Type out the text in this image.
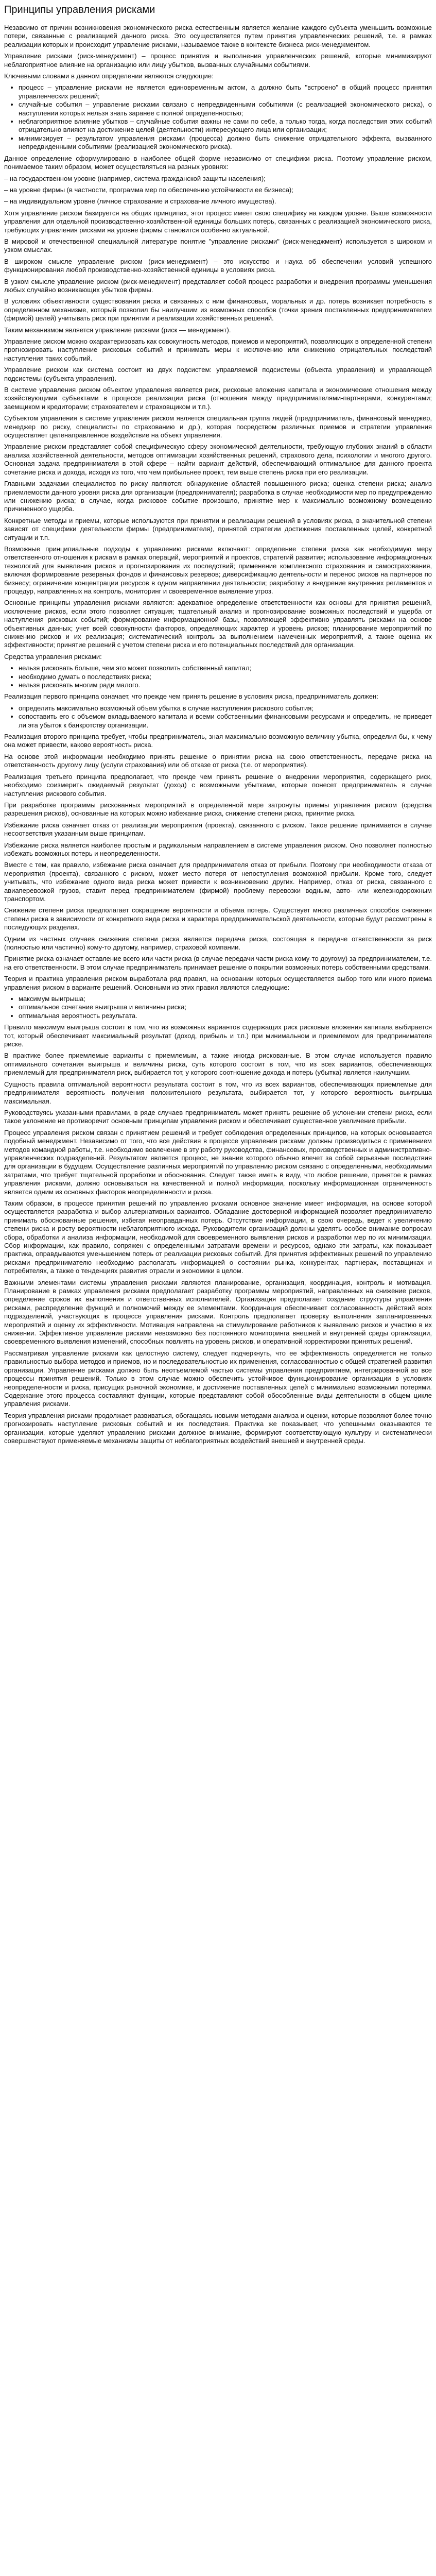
Принципы управления рисками

Незавсимо от причин возникновения экономического риска естественным является желание каждого субъекта уменьшить возможные потери, связанные с реализацией данного риска. Это осуществляется путем принятия управленческих решений, т.е. в рамках реализации которых и происходит управление рисками, называемое также в контексте бизнеса риск-менеджментом.

Управление рисками (риск-менеджмент) – процесс принятия и выполнения управленческих решений, которые минимизируют неблагоприятное влияние на организацию или лицу убытков, вызванных случайными событиями.

Ключевыми словами в данном определении являются следующие:

• процесс – управление рисками не является единовременным актом, а должно быть "встроено" в общий процесс принятия управленческих решений;
• случайные события – управление рисками связано с непредвиденными событиями (с реализацией экономического риска), о наступлении которых нельзя знать заранее с полной определенностью;
• неблагоприятное влияние убытков – случайные события важны не сами по себе, а только тогда, когда последствия этих событий отрицательно влияют на достижение целей (деятельности) интересующего лица или организации;
• минимизирует – результатом управления рисками (процесса) должно быть снижение отрицательного эффекта, вызванного непредвиденными событиями (реализацией экономического риска).

Данное определение сформулировано в наиболее общей форме независимо от специфики риска. Поэтому управление риском, понимаемое таким образом, может осуществляться на разных уровнях:

– на государственном уровне (например, система гражданской защиты населения);

– на уровне фирмы (в частности, программа мер по обеспечению устойчивости ее бизнеса);

– на индивидуальном уровне (личное страхование и страхование личного имущества).

Хотя управление риском базируется на общих принципах, этот процесс имеет свою специфику на каждом уровне. Выше возможности управления для отдельной производственно-хозяйственной единицы больших потерь, связанных с реализацией экономического риска, требующих управления рисками на уровне фирмы становится особенно актуальной.

В мировой и отечественной специальной литературе понятие "управление рисками" (риск-менеджмент) используется в широком и узком смыслах.

В широком смысле управление риском (риск-менеджмент) – это искусство и наука об обеспечении условий успешного функционирования любой производственно-хозяйственной единицы в условиях риска.

В узком смысле управление риском (риск-менеджмент) представляет собой процесс разработки и внедрения программы уменьшения любых случайно возникающих убытков фирмы.

В условиях объективности существования риска и связанных с ним финансовых, моральных и др. потерь возникает потребность в определенном механизме, который позволил бы наилучшим из возможных способов (точки зрения поставленных предпринимателем (фирмой) целей) учитывать риск при принятии и реализации хозяйственных решений.

Таким механизмом является управление рисками (риск — менеджмент).

Управление риском можно охарактеризовать как совокупность методов, приемов и мероприятий, позволяющих в определенной степени прогнозировать наступление рисковых событий и принимать меры к исключению или снижению отрицательных последствий наступления таких событий.

Управление риском как система состоит из двух подсистем: управляемой подсистемы (объекта управления) и управляющей подсистемы (субъекта управления).

В системе управления риском объектом управления является риск, рисковые вложения капитала и экономические отношения между хозяйствующими субъектами в процессе реализации риска (отношения между предпринимателями-партнерами, конкурентами; заемщиком и кредиторами; страхователем и страховщиком и т.п.).

Субъектом управления в системе управления риском является специальная группа людей (предприниматель, финансовый менеджер, менеджер по риску, специалисты по страхованию и др.), которая посредством различных приемов и стратегии управления осуществляет целенаправленное воздействие на объект управления.

Управление риском представляет собой специфическую сферу экономической деятельности, требующую глубоких знаний в области анализа хозяйственной деятельности, методов оптимизации хозяйственных решений, страхового дела, психологии и многого другого. Основная задача предпринимателя в этой сфере – найти вариант действий, обеспечивающий оптимальное для данного проекта сочетание риска и дохода, исходя из того, что чем прибыльнее проект, тем выше степень риска при его реализации.

Главными задачами специалистов по риску являются: обнаружение областей повышенного риска; оценка степени риска; анализ приемлемости данного уровня риска для организации (предпринимателя); разработка в случае необходимости мер по предупреждению или снижению риска; в случае, когда рисковое событие произошло, принятие мер к максимально возможному возмещению причиненного ущерба.

Конкретные методы и приемы, которые используются при принятии и реализации решений в условиях риска, в значительной степени зависят от специфики деятельности фирмы (предпринимателя), принятой стратегии достижения поставленных целей, конкретной ситуации и т.п.

Возможные принципиальные подходы к управлению рисками включают: определение степени риска как необходимую меру ответственного отношения к рискам в рамках операций, мероприятий и проектов, стратегий развития; использование информационных технологий для выявления рисков и прогнозирования их последствий; применение комплексного страхования и самострахования, включая формирование резервных фондов и финансовых резервов; диверсификацию деятельности и перенос рисков на партнеров по бизнесу; ограничение концентрации ресурсов в одном направлении деятельности; разработку и внедрение внутренних регламентов и процедур, направленных на контроль, мониторинг и своевременное выявление угроз.

Основные принципы управления рисками являются: адекватное определение ответственности как основы для принятия решений, исключение рисков, если этого позволяет ситуация; тщательный анализ и прогнозирование возможных последствий и ущерба от наступления рисковых событий; формирование информационной базы, позволяющей эффективно управлять рисками на основе объективных данных; учет всей совокупности факторов, определяющих характер и уровень рисков; планирование мероприятий по снижению рисков и их реализация; систематический контроль за выполнением намеченных мероприятий, а также оценка их эффективности; принятие решений с учетом степени риска и его потенциальных последствий для организации.

Средства управления рисками:

• нельзя рисковать больше, чем это может позволить собственный капитал;
• необходимо думать о последствиях риска;
• нельзя рисковать многим ради малого.

Реализация первого принципа означает, что прежде чем принять решение в условиях риска, предприниматель должен:

• определить максимально возможный объем убытка в случае наступления рискового события;
• сопоставить его с объемом вкладываемого капитала и всеми собственными финансовыми ресурсами и определить, не приведет ли эта убыток к банкротству организации.

Реализация второго принципа требует, чтобы предприниматель, зная максимально возможную величину убытка, определил бы, к чему она может привести, каково вероятность риска.

На основе этой информации необходимо принять решение о принятии риска на свою ответственность, передаче риска на ответственность другому лицу (услуги страхования) или об отказе от риска (т.е. от мероприятия).

Реализация третьего принципа предполагает, что прежде чем принять решение о внедрении мероприятия, содержащего риск, необходимо соизмерить ожидаемый результат (доход) с возможными убытками, которые понесет предприниматель в случае наступления рискового события.

При разработке программы рискованных мероприятий в определенной мере затронуты приемы управления риском (средства разрешения рисков), основанные на которых можно избежание риска, снижение степени риска, принятие риска.

Избежание риска означает отказ от реализации мероприятия (проекта), связанного с риском. Такое решение принимается в случае несоответствия указанным выше принципам.

Избежание риска является наиболее простым и радикальным направлением в системе управления риском. Оно позволяет полностью избежать возможных потерь и неопределенности.

Вместе с тем, как правило, избежание риска означает для предпринимателя отказ от прибыли. Поэтому при необходимости отказа от мероприятия (проекта), связанного с риском, может место потеря от непоступления возможной прибыли. Кроме того, следует учитывать, что избежание одного вида риска может привести к возникновению других. Например, отказ от риска, связанного с авиаперевозкой грузов, ставит перед предпринимателем (фирмой) проблему перевозки водным, авто- или железнодорожным транспортом.

Снижение степени риска предполагает сокращение вероятности и объема потерь. Существует много различных способов снижения степени риска в зависимости от конкретного вида риска и характера предпринимательской деятельности, которые будут рассмотрены в последующих разделах.

Одним из частных случаев снижения степени риска является передача риска, состоящая в передаче ответственности за риск (полностью или частично) кому-то другому, например, страховой компании.

Принятие риска означает оставление всего или части риска (в случае передачи части риска кому-то другому) за предпринимателем, т.е. на его ответственности. В этом случае предприниматель принимает решение о покрытии возможных потерь собственными средствами.

Теория и практика управления риском выработала ряд правил, на основании которых осуществляется выбор того или иного приема управления риском в варианте решений. Основными из этих правил являются следующие:

• максимум выигрыша;
• оптимальное сочетание выигрыша и величины риска;
• оптимальная вероятность результата.

Правило максимум выигрыша состоит в том, что из возможных вариантов содержащих риск рисковые вложения капитала выбирается тот, который обеспечивает максимальный результат (доход, прибыль и т.п.) при минимальном и приемлемом для предпринимателя риске.

В практике более приемлемые варианты с приемлемым, а также иногда рискованные. В этом случае используется правило оптимального сочетания выигрыша и величины риска, суть которого состоит в том, что из всех вариантов, обеспечивающих приемлемый для предпринимателя риск, выбирается тот, у которого соотношение дохода и потерь (убытка) является наилучшим.

Сущность правила оптимальной вероятности результата состоит в том, что из всех вариантов, обеспечивающих приемлемые для предпринимателя вероятность получения положительного результата, выбирается тот, у которого вероятность выигрыша максимальная.

Руководствуясь указанными правилами, в ряде случаев предприниматель может принять решение об уклонении степени риска, если такое уклонение не противоречит основным принципам управления риском и обеспечивает существенное увеличение прибыли.

Процесс управления риском связан с принятием решений и требует соблюдения определенных принципов, на которых основывается подобный менеджмент. Независимо от того, что все действия в процессе управления рисками должны производиться с применением методов командной работы, т.е. необходимо вовлечение в эту работу руководства, финансовых, производственных и административно-управленческих подразделений. Результатом является процесс, не знание которого обычно влечет за собой серьезные последствия для организации в будущем. Осуществление различных мероприятий по управлению риском связано с определенными, необходимыми затратами, что требует тщательной проработки и обоснования. Следует также иметь в виду, что любое решение, принятое в рамках управления рисками, должно основываться на качественной и полной информации, поскольку информационная ограниченность является одним из основных факторов неопределенности и риска.

Таким образом, в процессе принятия решений по управлению рисками основное значение имеет информация, на основе которой осуществляется разработка и выбор альтернативных вариантов. Обладание достоверной информацией позволяет предпринимателю принимать обоснованные решения, избегая неоправданных потерь. Отсутствие информации, в свою очередь, ведет к увеличению степени риска и росту вероятности неблагоприятного исхода. Руководители организаций должны уделять особое внимание вопросам сбора, обработки и анализа информации, необходимой для своевременного выявления рисков и разработки мер по их минимизации. Сбор информации, как правило, сопряжен с определенными затратами времени и ресурсов, однако эти затраты, как показывает практика, оправдываются уменьшением потерь от реализации рисковых событий. Для принятия эффективных решений по управлению рисками предпринимателю необходимо располагать информацией о состоянии рынка, конкурентах, партнерах, поставщиках и потребителях, а также о тенденциях развития отрасли и экономики в целом.

Важными элементами системы управления рисками являются планирование, организация, координация, контроль и мотивация. Планирование в рамках управления рисками предполагает разработку программы мероприятий, направленных на снижение рисков, определение сроков их выполнения и ответственных исполнителей. Организация предполагает создание структуры управления рисками, распределение функций и полномочий между ее элементами. Координация обеспечивает согласованность действий всех подразделений, участвующих в процессе управления рисками. Контроль предполагает проверку выполнения запланированных мероприятий и оценку их эффективности. Мотивация направлена на стимулирование работников к выявлению рисков и участию в их снижении. Эффективное управление рисками невозможно без постоянного мониторинга внешней и внутренней среды организации, своевременного выявления изменений, способных повлиять на уровень рисков, и оперативной корректировки принятых решений.

Рассматривая управление рисками как целостную систему, следует подчеркнуть, что ее эффективность определяется не только правильностью выбора методов и приемов, но и последовательностью их применения, согласованностью с общей стратегией развития организации. Управление рисками должно быть неотъемлемой частью системы управления предприятием, интегрированной во все процессы принятия решений. Только в этом случае можно обеспечить устойчивое функционирование организации в условиях неопределенности и риска, присущих рыночной экономике, и достижение поставленных целей с минимально возможными потерями. Содержание этого процесса составляют функции, которые представляют собой обособленные виды деятельности в общем цикле управления рисками.

Теория управления рисками продолжает развиваться, обогащаясь новыми методами анализа и оценки, которые позволяют более точно прогнозировать наступление рисковых событий и их последствия. Практика же показывает, что успешными оказываются те организации, которые уделяют управлению рисками должное внимание, формируют соответствующую культуру и систематически совершенствуют применяемые механизмы защиты от неблагоприятных воздействий внешней и внутренней среды.
